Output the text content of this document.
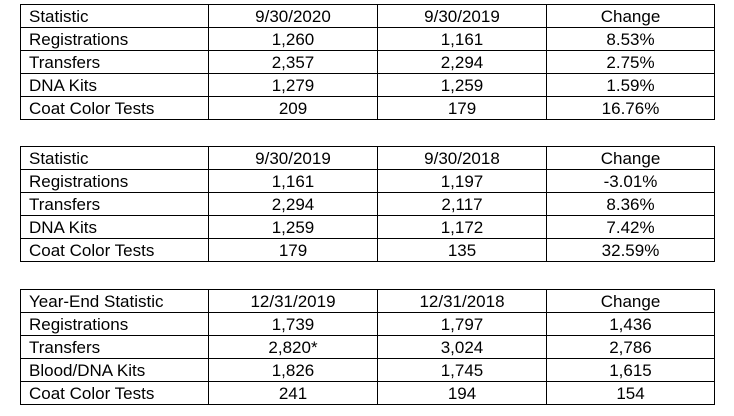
Statistic	9/30/2020	9/30/2019	Change
Registrations	1,260	1,161	8.53%
Transfers	2,357	2,294	2.75%
DNA Kits	1,279	1,259	1.59%
Coat Color Tests	209	179	16.76%
Statistic	9/30/2019	9/30/2018	Change
Registrations	1,161	1,197	-3.01%
Transfers	2,294	2,117	8.36%
DNA Kits	1,259	1,172	7.42%
Coat Color Tests	179	135	32.59%
Year-End Statistic	12/31/2019	12/31/2018	Change
Registrations	1,739	1,797	1,436
Transfers	2,820*	3,024	2,786
Blood/DNA Kits	1,826	1,745	1,615
Coat Color Tests	241	194	154
